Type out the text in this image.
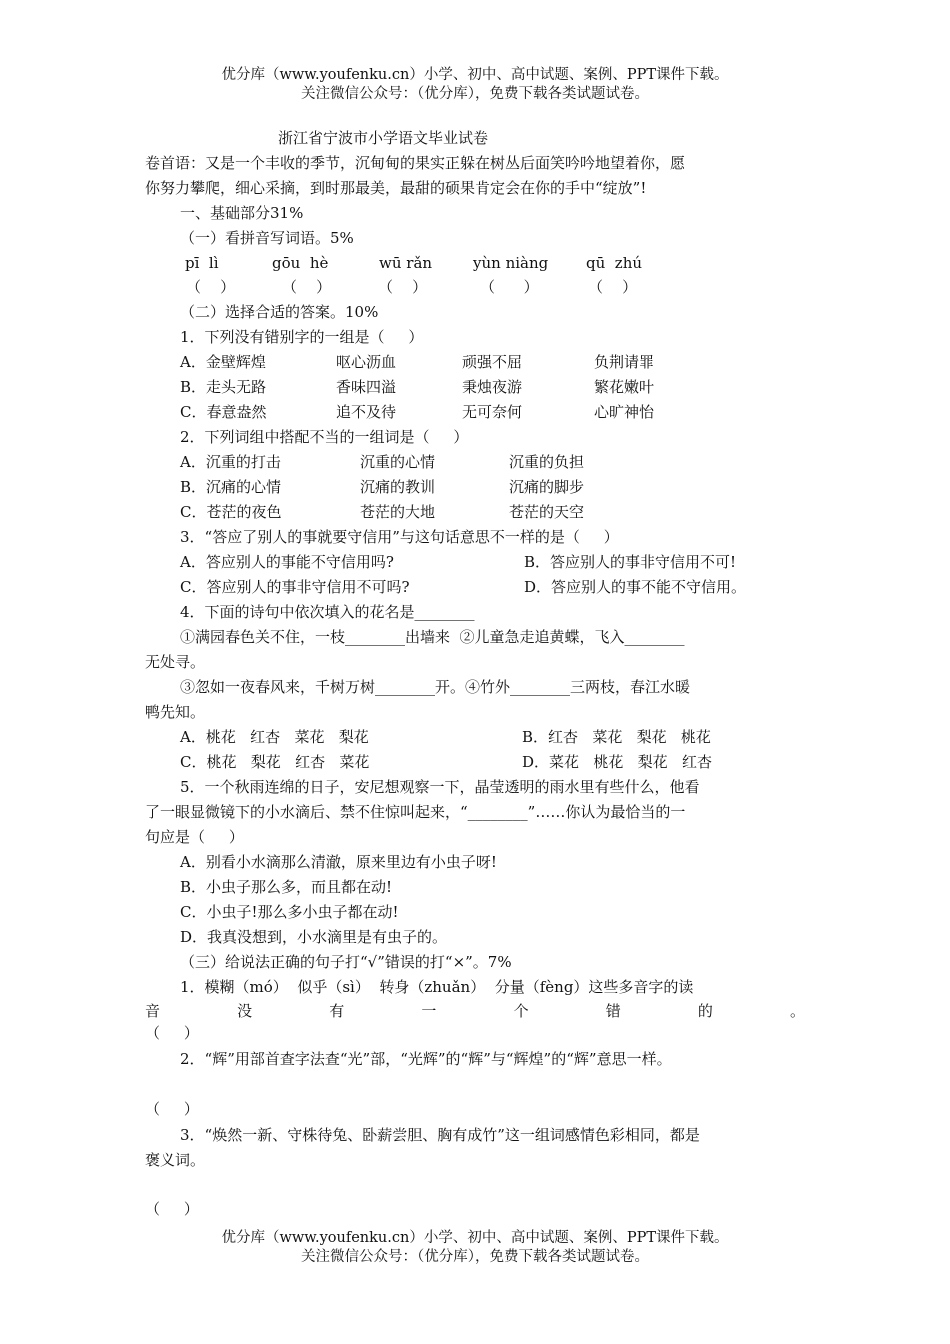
优分库（www.youfenku.cn）小学、初中、高中试题、案例、PPT课件下载。
关注微信公众号：（优分库），免费下载各类试题试卷。
浙江省宁波市小学语文毕业试卷
卷首语：又是一个丰收的季节，沉甸甸的果实正躲在树丛后面笑吟吟地望着你，愿
你努力攀爬，细心采摘，到时那最美，最甜的硕果肯定会在你的手中“绽放”!
一、基础部分31%
（一）看拼音写词语。5%
pī  lì	gōu  hè	wū rǎn	yùn niàng	qū  zhú
（    ）	（    ）	（    ）	（      ）	（    ）
（二）选择合适的答案。10%
1．下列没有错别字的一组是（     ）
A．金壁辉煌	呕心沥血	顽强不屈	负荆请罪
B．走头无路	香味四溢	秉烛夜游	繁花嫩叶
C．春意盎然	追不及待	无可奈何	心旷神怡
2．下列词组中搭配不当的一组词是（     ）
A．沉重的打击	沉重的心情	沉重的负担
B．沉痛的心情	沉痛的教训	沉痛的脚步
C．苍茫的夜色	苍茫的大地	苍茫的天空
3．“答应了别人的事就要守信用”与这句话意思不一样的是（     ）
A．答应别人的事能不守信用吗?	B．答应别人的事非守信用不可!
C．答应别人的事非守信用不可吗?	D．答应别人的事不能不守信用。
4．下面的诗句中依次填入的花名是________
①满园春色关不住，一枝________出墙来  ②儿童急走追黄蝶，飞入________
无处寻。
③忽如一夜春风来，千树万树________开。④竹外________三两枝，春江水暖
鸭先知。
A．桃花   红杏   菜花   梨花	B．红杏   菜花   梨花   桃花
C．桃花   梨花   红杏   菜花	D．菜花   桃花   梨花   红杏
5．一个秋雨连绵的日子，安尼想观察一下，晶莹透明的雨水里有些什么，他看
了一眼显微镜下的小水滴后、禁不住惊叫起来，“________”……你认为最恰当的一
句应是（     ）
A．别看小水滴那么清澈，原来里边有小虫子呀!
B．小虫子那么多，而且都在动!
C．小虫子!那么多小虫子都在动!
D．我真没想到，小水滴里是有虫子的。
（三）给说法正确的句子打“√”错误的打“×”。7%
1．模糊（mó）  似乎（sì）  转身（zhuǎn）  分量（fèng）这些多音字的读
音	没	有	一	个	错	的	。
（     ）
2．“辉”用部首查字法查“光”部，“光辉”的“辉”与“辉煌”的“辉”意思一样。
（     ）
3．“焕然一新、守株待兔、卧薪尝胆、胸有成竹”这一组词感情色彩相同，都是
褒义词。
（     ）
优分库（www.youfenku.cn）小学、初中、高中试题、案例、PPT课件下载。
关注微信公众号：（优分库），免费下载各类试题试卷。
